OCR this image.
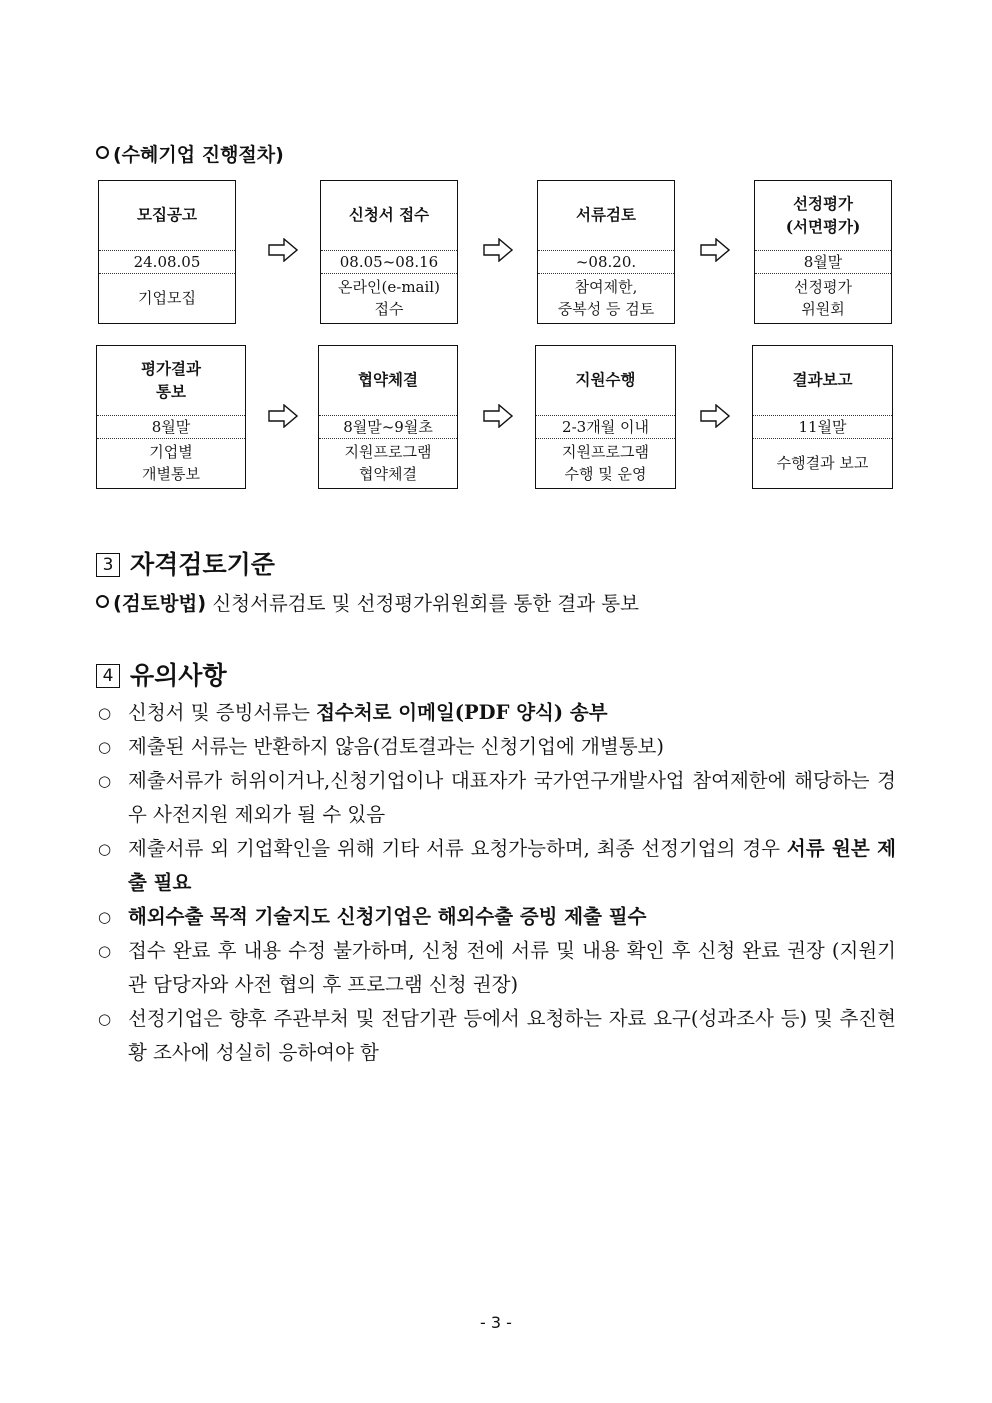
(수혜기업 진행절차)
모집공고
24.08.05
기업모집
신청서 접수
08.05~08.16
온라인(e-mail)
접수
서류검토
~08.20.
참여제한,
중복성 등 검토
선정평가
(서면평가)
8월말
선정평가
위원회
평가결과
통보
8월말
기업별
개별통보
협약체결
8월말~9월초
지원프로그램
협약체결
지원수행
2-3개월 이내
지원프로그램
수행 및 운영
결과보고
11월말
수행결과 보고
3 자격검토기준
(검토방법) 신청서류검토 및 선정평가위원회를 통한 결과 통보
4 유의사항
○ 신청서 및 증빙서류는 접수처로 이메일(PDF 양식) 송부
○ 제출된 서류는 반환하지 않음(검토결과는 신청기업에 개별통보)
○ 제출서류가 허위이거나,신청기업이나 대표자가 국가연구개발사업 참여제한에 해당하는 경우 사전지원 제외가 될 수 있음
○ 제출서류 외 기업확인을 위해 기타 서류 요청가능하며, 최종 선정기업의 경우 서류 원본 제출 필요
○ 해외수출 목적 기술지도 신청기업은 해외수출 증빙 제출 필수
○ 접수 완료 후 내용 수정 불가하며, 신청 전에 서류 및 내용 확인 후 신청 완료 권장 (지원기관 담당자와 사전 협의 후 프로그램 신청 권장)
○ 선정기업은 향후 주관부처 및 전담기관 등에서 요청하는 자료 요구(성과조사 등) 및 추진현황 조사에 성실히 응하여야 함
- 3 -
